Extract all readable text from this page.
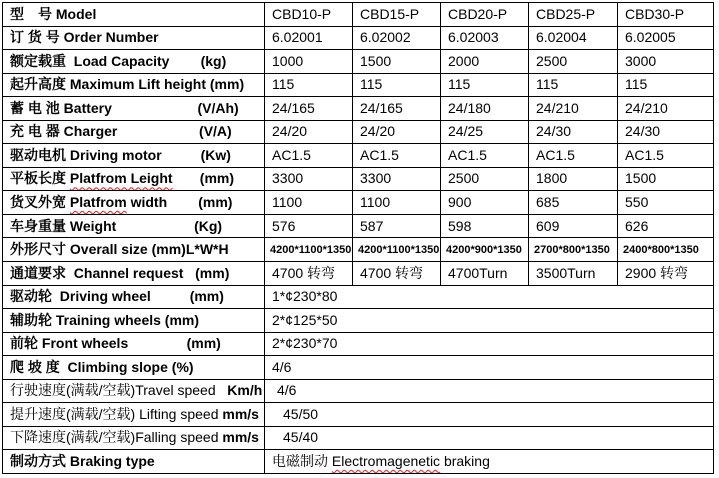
型　号 Model	CBD10-P	CBD15-P	CBD20-P	CBD25-P	CBD30-P
订 货 号 Order Number	6.02001	6.02002	6.02003	6.02004	6.02005
额定载重  Load Capacity        (kg)	1000	1500	2000	2500	3000
起升高度 Maximum Lift height (mm)	115	115	115	115	115
蓄 电 池 Battery                      (V/Ah)	24/165	24/165	24/180	24/210	24/210
充 电 器 Charger                     (V/A)	24/20	24/20	24/25	24/30	24/30
驱动电机 Driving motor          (Kw)	AC1.5	AC1.5	AC1.5	AC1.5	AC1.5
平板长度 Platfrom Leight       (mm)	3300	3300	2500	1800	1500
货叉外宽 Platfrom width        (mm)	1100	1100	900	685	550
车身重量 Weight                    (Kg)	576	587	598	609	626
外形尺寸 Overall size (mm)L*W*H	4200*1100*1350	4200*1100*1350	4200*900*1350	2700*800*1350	2400*800*1350
通道要求  Channel request   (mm)	4700 转弯	4700 转弯	4700Turn	3500Turn	2900 转弯
驱动轮  Driving wheel          (mm)	1*¢230*80				
辅助轮 Training wheels (mm)	2*¢125*50				
前轮 Front wheels               (mm)	2*¢230*70				
爬 坡 度  Climbing slope (%)	4/6				
行驶速度(满载/空载)Travel speed   Km/h	4/6				
提升速度(满载/空载) Lifting speed mm/s	45/50				
下降速度(满载/空载)Falling speed mm/s	45/40				
制动方式 Braking type	电磁制动 Electromagenetic braking				
